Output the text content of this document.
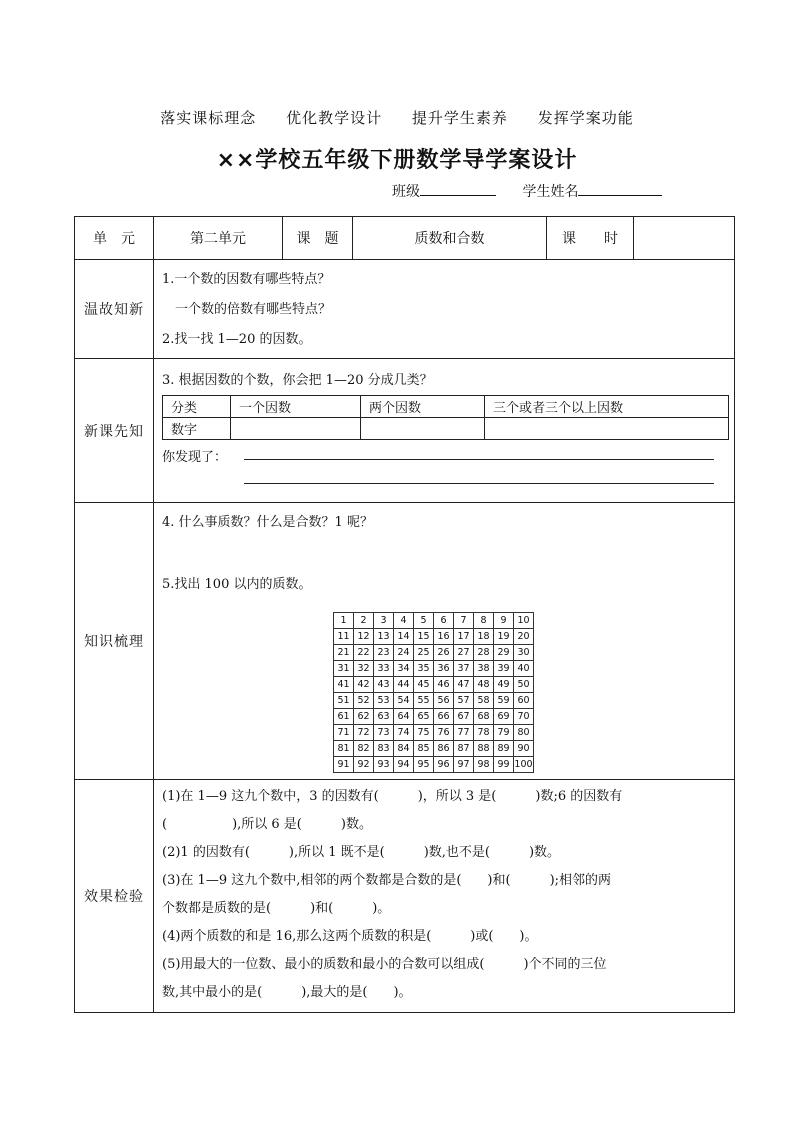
落实课标理念 优化教学设计 提升学生素养 发挥学案功能
××学校五年级下册数学导学案设计
班级	学生姓名
单　元	第二单元	课　题	质数和合数	课　　时	
温故知新	
1.一个数的因数有哪些特点？
　一个数的倍数有哪些特点？
2.找一找 1—20 的因数。

新课先知	
3. 根据因数的个数，你会把 1—20 分成几类？
分类	一个因数	两个因数	三个或者三个以上因数
数字			
你发现了：

知识梳理	
4. 什么事质数？什么是合数？1 呢？
5.找出 100 以内的质数。
1	2	3	4	5	6	7	8	9	10
11	12	13	14	15	16	17	18	19	20
21	22	23	24	25	26	27	28	29	30
31	32	33	34	35	36	37	38	39	40
41	42	43	44	45	46	47	48	49	50
51	52	53	54	55	56	57	58	59	60
61	62	63	64	65	66	67	68	69	70
71	72	73	74	75	76	77	78	79	80
81	82	83	84	85	86	87	88	89	90
91	92	93	94	95	96	97	98	99	100

效果检验	
(1)在 1—9 这九个数中，3 的因数有(　　　)，所以 3 是(　　　)数;6 的因数有
(　　　　　),所以 6 是(　　　)数。
(2)1 的因数有(　　　),所以 1 既不是(　　　)数,也不是(　　　)数。
(3)在 1—9 这九个数中,相邻的两个数都是合数的是(　　)和(　　　);相邻的两
个数都是质数的是(　　　)和(　　　)。
(4)两个质数的和是 16,那么这两个质数的积是(　　　)或(　　)。
(5)用最大的一位数、最小的质数和最小的合数可以组成(　　　)个不同的三位
数,其中最小的是(　　　),最大的是(　　)。
